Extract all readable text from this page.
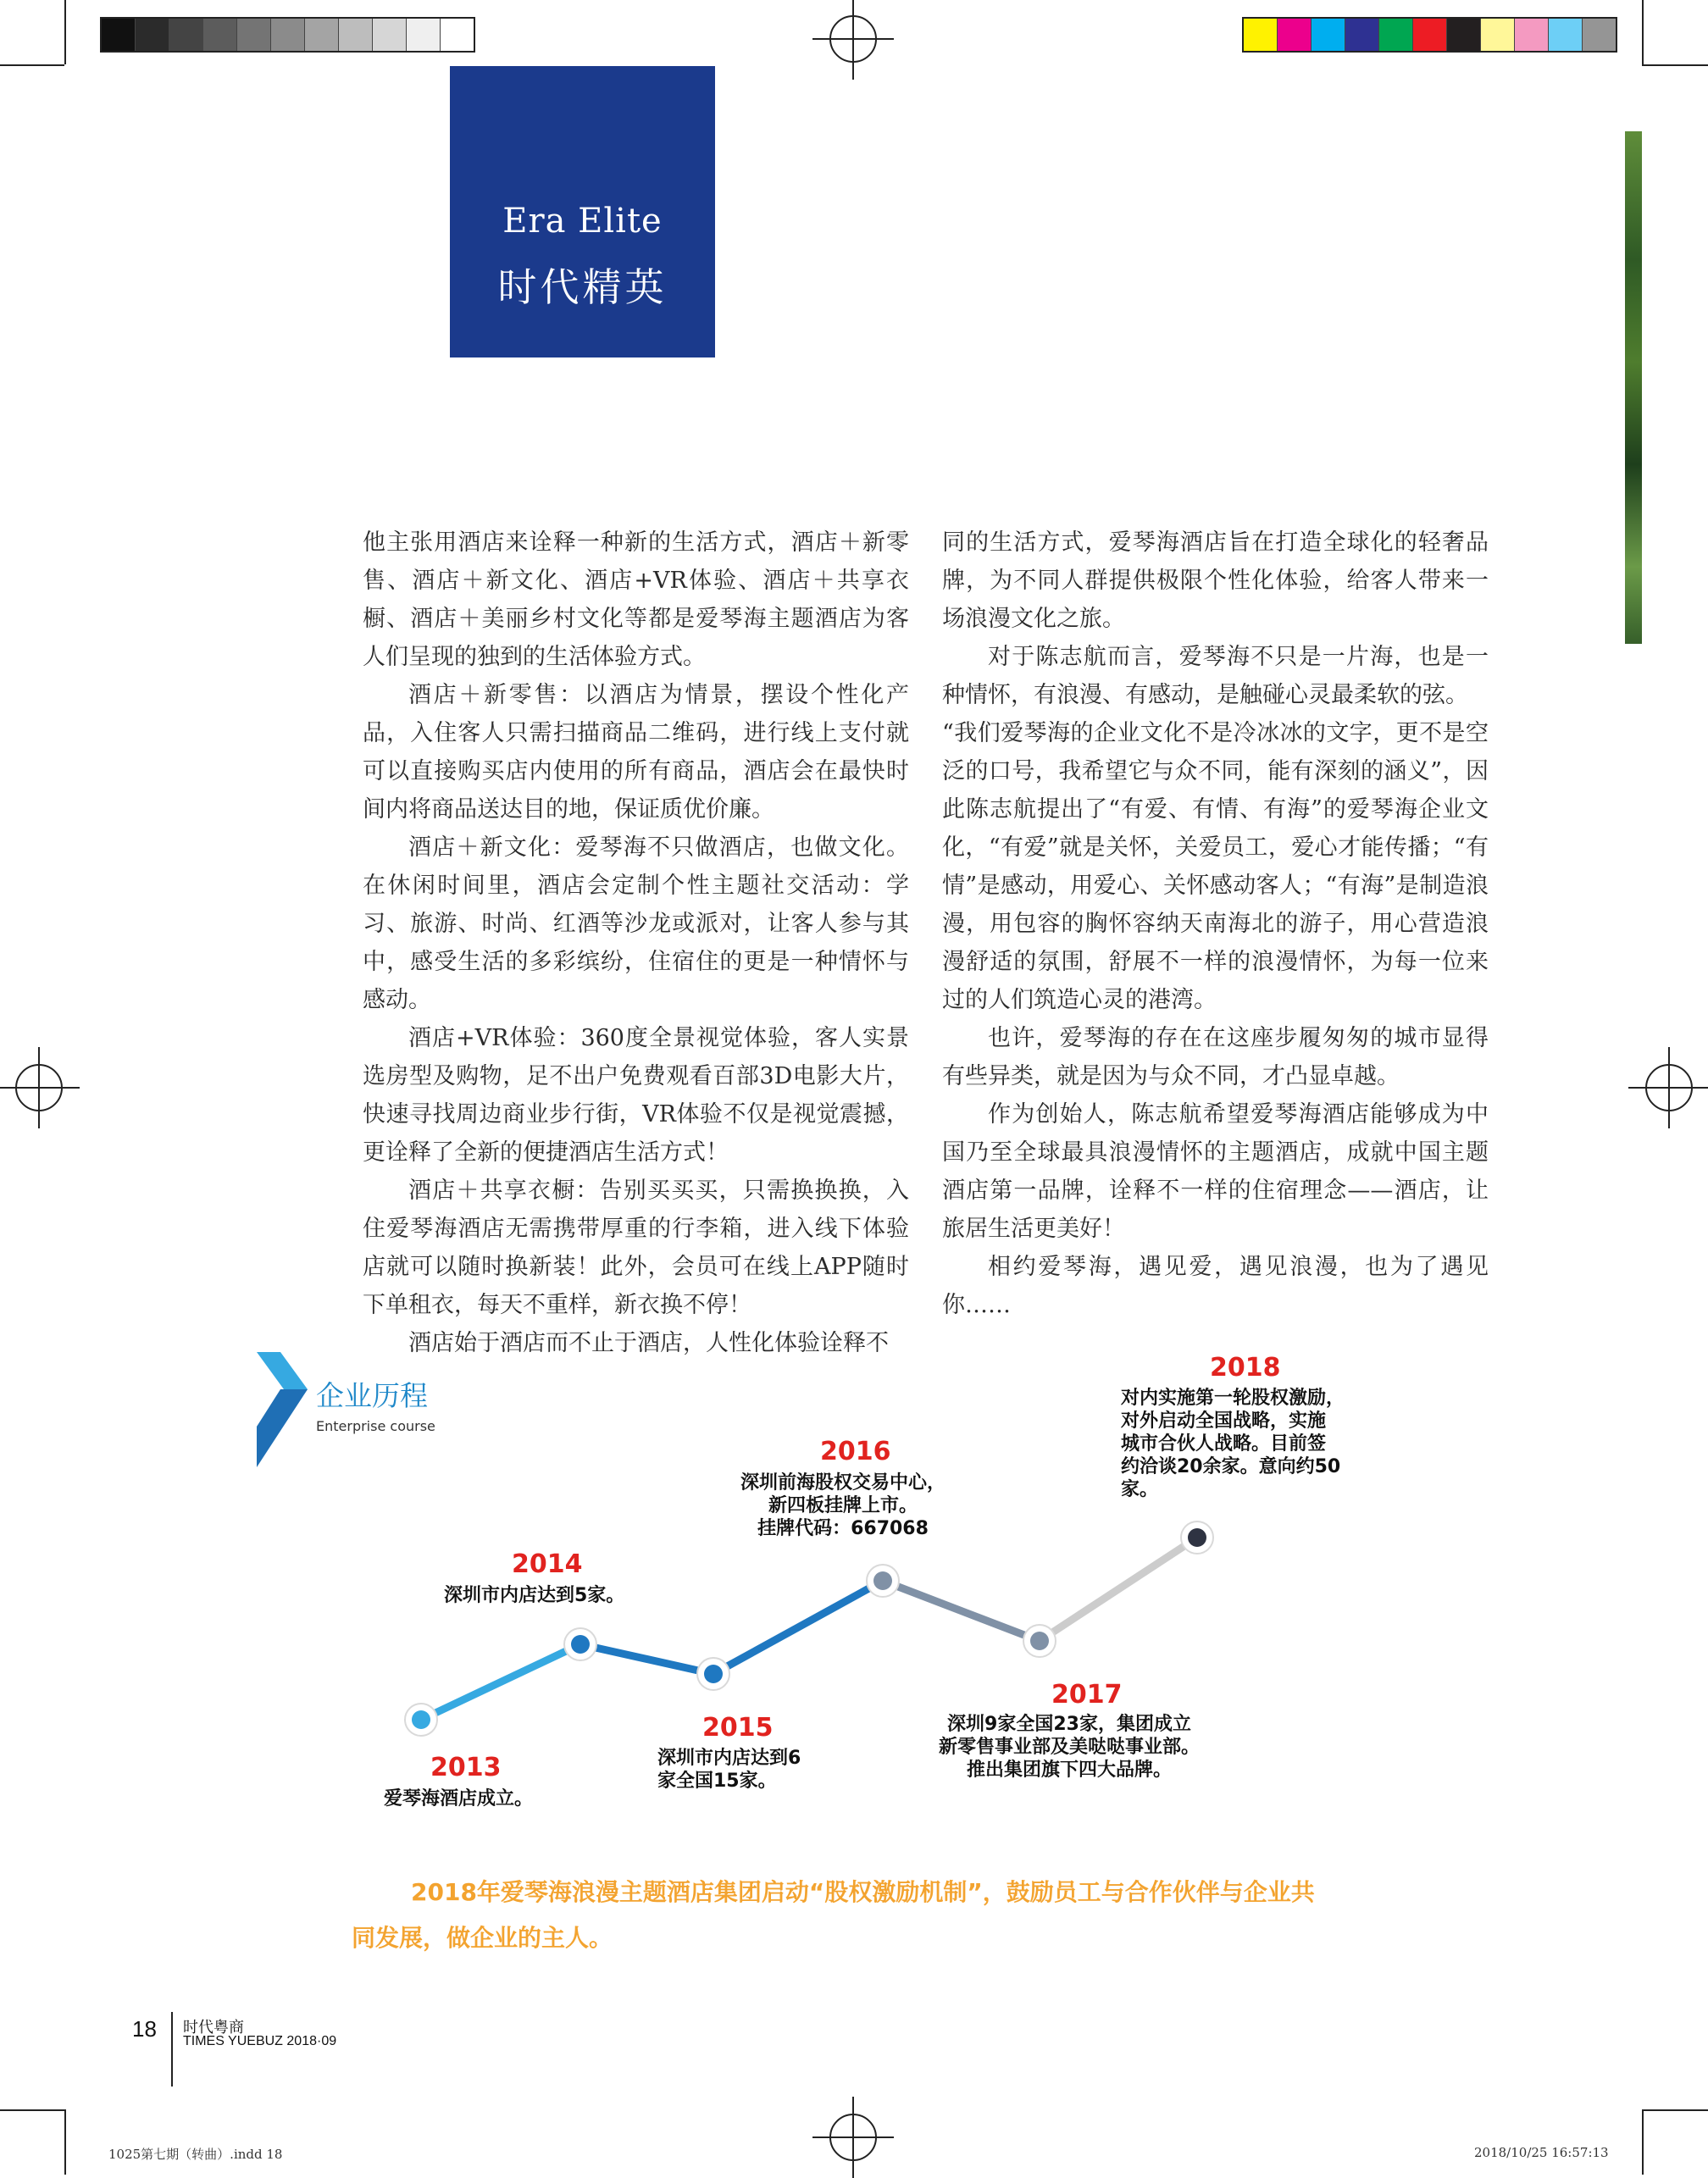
Era Elite
时代精英

他主张用酒店来诠释一种新的生活方式，酒店＋新零售、酒店＋新文化、酒店+VR体验、酒店＋共享衣橱、酒店＋美丽乡村文化等都是爱琴海主题酒店为客人们呈现的独到的生活体验方式。

酒店＋新零售：以酒店为情景，摆设个性化产品，入住客人只需扫描商品二维码，进行线上支付就可以直接购买店内使用的所有商品，酒店会在最快时间内将商品送达目的地，保证质优价廉。

酒店＋新文化：爱琴海不只做酒店，也做文化。在休闲时间里，酒店会定制个性主题社交活动：学习、旅游、时尚、红酒等沙龙或派对，让客人参与其中，感受生活的多彩缤纷，住宿住的更是一种情怀与感动。

酒店+VR体验：360度全景视觉体验，客人实景选房型及购物，足不出户免费观看百部3D电影大片，快速寻找周边商业步行街，VR体验不仅是视觉震撼，更诠释了全新的便捷酒店生活方式！

酒店＋共享衣橱：告别买买买，只需换换换，入住爱琴海酒店无需携带厚重的行李箱，进入线下体验店就可以随时换新装！此外，会员可在线上APP随时下单租衣，每天不重样，新衣换不停！

酒店始于酒店而不止于酒店，人性化体验诠释不

同的生活方式，爱琴海酒店旨在打造全球化的轻奢品牌，为不同人群提供极限个性化体验，给客人带来一场浪漫文化之旅。

对于陈志航而言，爱琴海不只是一片海，也是一种情怀，有浪漫、有感动，是触碰心灵最柔软的弦。

“我们爱琴海的企业文化不是冷冰冰的文字，更不是空泛的口号，我希望它与众不同，能有深刻的涵义”，因此陈志航提出了“有爱、有情、有海”的爱琴海企业文化，“有爱”就是关怀，关爱员工，爱心才能传播；“有情”是感动，用爱心、关怀感动客人；“有海”是制造浪漫，用包容的胸怀容纳天南海北的游子，用心营造浪漫舒适的氛围，舒展不一样的浪漫情怀，为每一位来过的人们筑造心灵的港湾。

也许，爱琴海的存在在这座步履匆匆的城市显得有些异类，就是因为与众不同，才凸显卓越。

作为创始人，陈志航希望爱琴海酒店能够成为中国乃至全球最具浪漫情怀的主题酒店，成就中国主题酒店第一品牌，诠释不一样的住宿理念——酒店，让旅居生活更美好！

相约爱琴海，遇见爱，遇见浪漫，也为了遇见你……

企业历程
Enterprise course
2013
爱琴海酒店成立。
2014
深圳市内店达到5家。
2015
深圳市内店达到6
家全国15家。
2016
深圳前海股权交易中心，
新四板挂牌上市。
挂牌代码：667068
2017
深圳9家全国23家，集团成立
新零售事业部及美哒哒事业部。
推出集团旗下四大品牌。
2018
对内实施第一轮股权激励，
对外启动全国战略，实施
城市合伙人战略。目前签
约洽谈20余家。意向约50
家。
2018年爱琴海浪漫主题酒店集团启动“股权激励机制”，鼓励员工与合作伙伴与企业共
同发展，做企业的主人。
18 时代粤商
TIMES YUEBUZ 2018·09
1025第七期（转曲）.indd 18	2018/10/25 16:57:13
